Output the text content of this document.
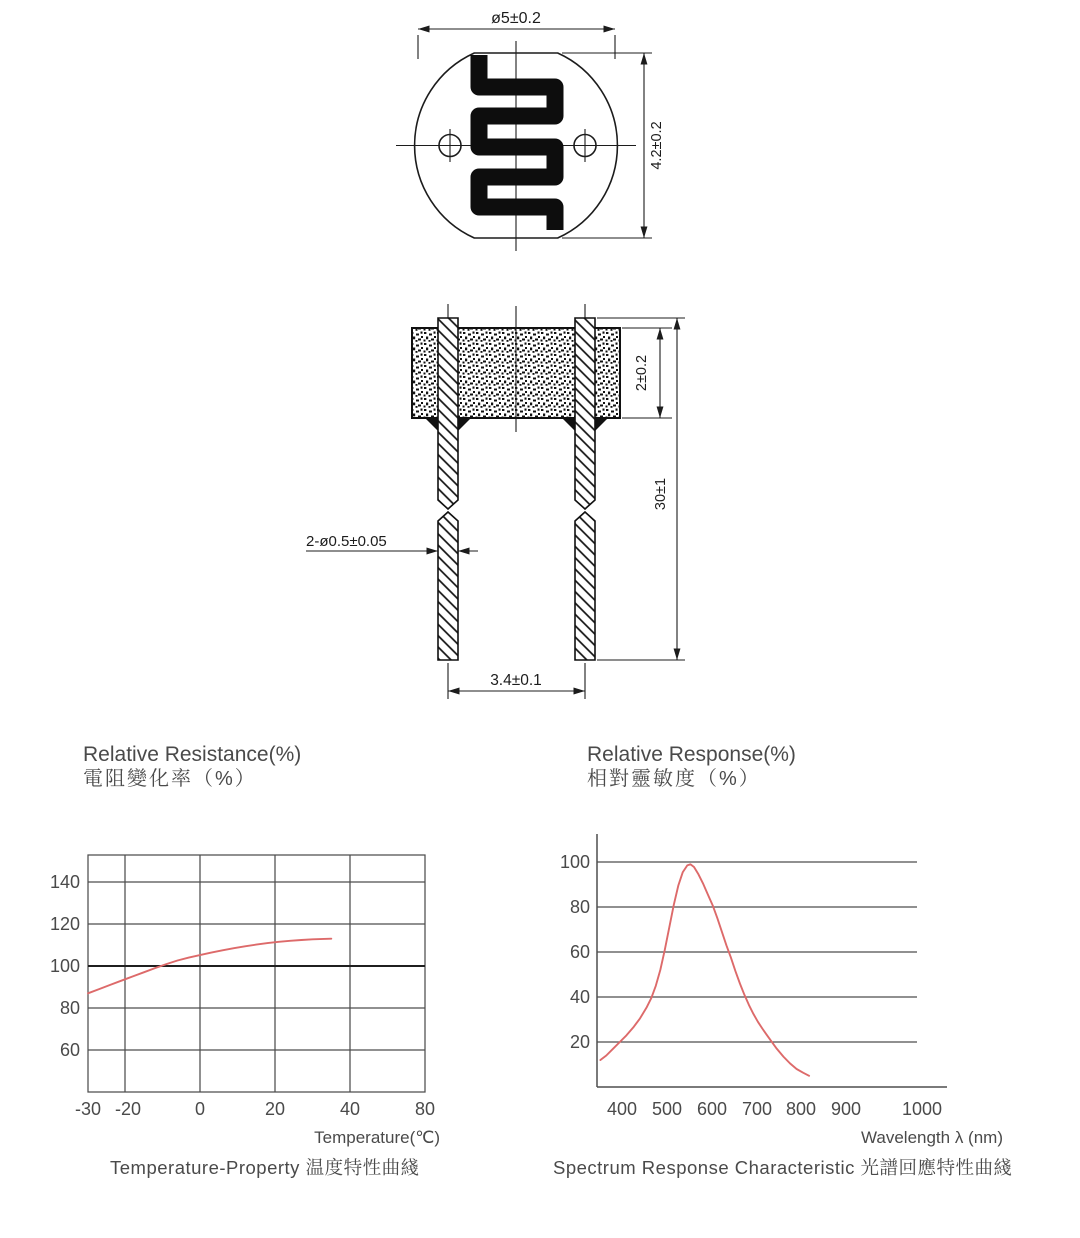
ø5±0.2
4.2±0.2
2±0.2
30±1
2-ø0.5±0.05
3.4±0.1
Relative Resistance(%)
電阻變化率（%）
140
120
100
80
60
-30 -20	0	20	40	80
Temperature(℃)
Temperature-Property 温度特性曲綫
Relative Response(%)
相對靈敏度（%）
100
80
60
40
20
400 500 600 700 800 900 1000
Wavelength λ (nm)
Spectrum Response Characteristic 光譜回應特性曲綫
